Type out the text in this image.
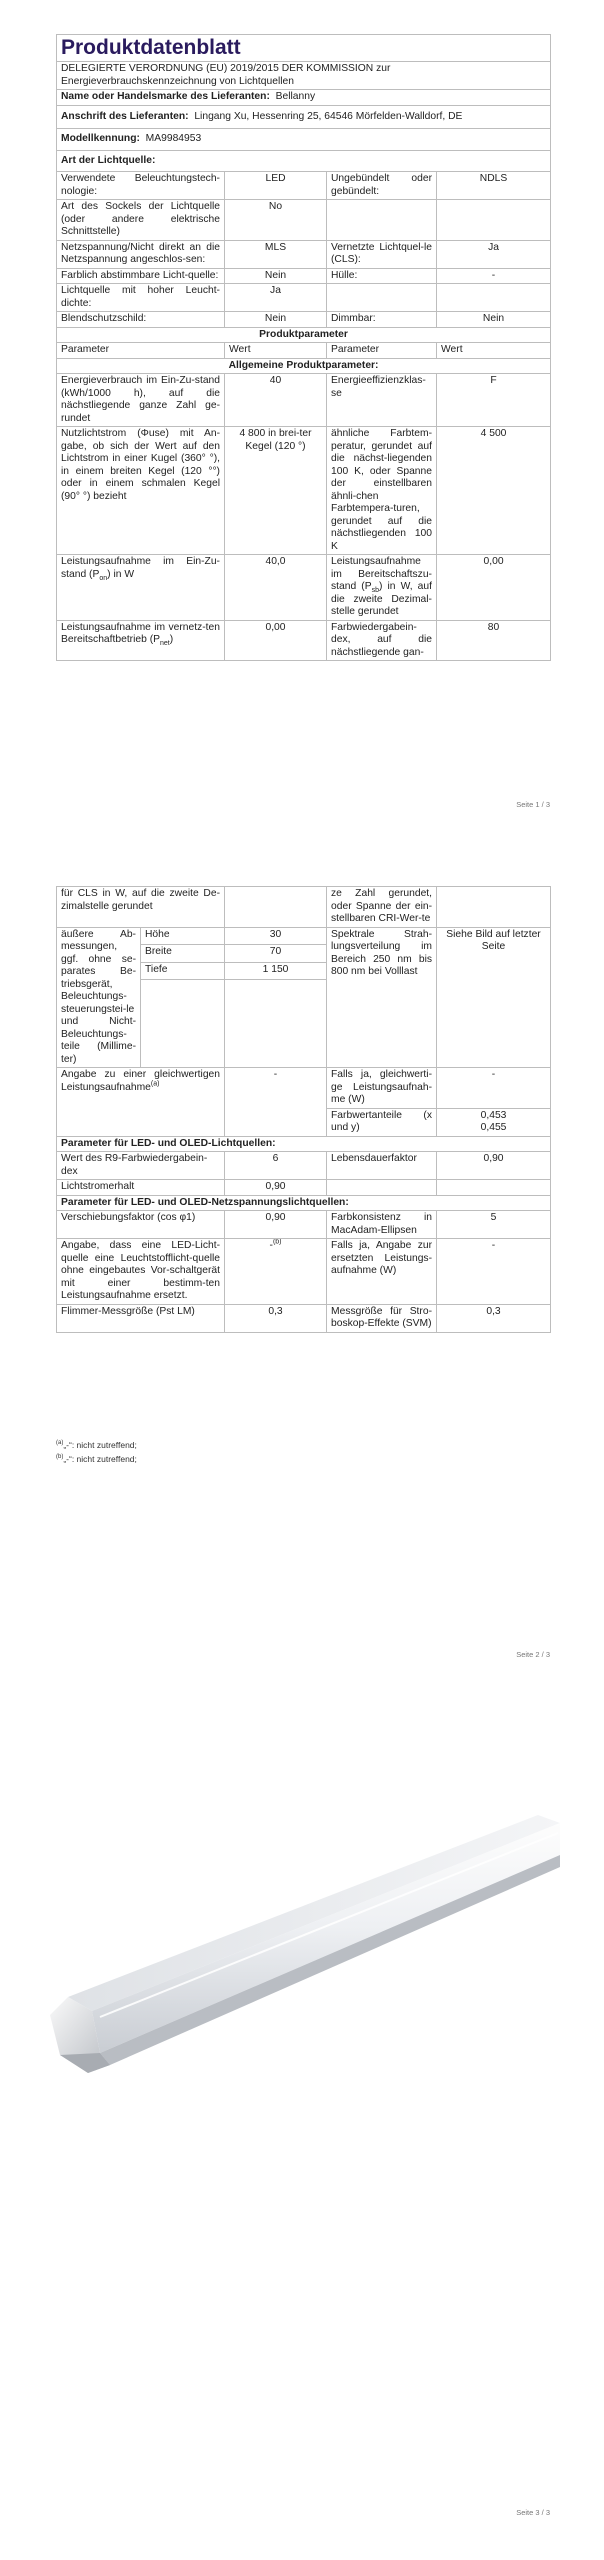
Produktdatenblatt			
DELEGIERTE VERORDNUNG (EU) 2019/2015 DER KOMMISSION zur Energieverbrauchskennzeichnung von Lichtquellen			
Name oder Handelsmarke des Lieferanten: Bellanny			
Anschrift des Lieferanten: Lingang Xu, Hessenring 25, 64546 Mörfelden-Walldorf, DE			
Modellkennung: MA9984953			
Art der Lichtquelle:			
Verwendete Beleuchtungstech-nologie:	LED	Ungebündelt oder gebündelt:	NDLS
Art des Sockels der Lichtquelle (oder andere elektrische Schnittstelle)	No		
Netzspannung/Nicht direkt an die Netzspannung angeschlos-sen:	MLS	Vernetzte Lichtquel-le (CLS):	Ja
Farblich abstimmbare Licht-quelle:	Nein	Hülle:	-
Lichtquelle mit hoher Leucht-dichte:	Ja		
Blendschutzschild:	Nein	Dimmbar:	Nein
Produktparameter			
Parameter	Wert	Parameter	Wert
Allgemeine Produktparameter:			
Energieverbrauch im Ein-Zu-stand (kWh/1000 h), auf die nächstliegende ganze Zahl ge-rundet	40	Energieeffizienzklas-se	F
Nutzlichtstrom (Φuse) mit An-gabe, ob sich der Wert auf den Lichtstrom in einer Kugel (360° °), in einem breiten Kegel (120 °°) oder in einem schmalen Kegel (90° °) bezieht	4 800 in brei-ter Kegel (120 °)	ähnliche Farbtem-peratur, gerundet auf die nächst-liegenden 100 K, oder Spanne der einstellbaren ähnli-chen Farbtempera-turen, gerundet auf die nächstliegenden 100 K	4 500
Leistungsaufnahme im Ein-Zu-stand $(P_{on})$ in W	40,0	Leistungsaufnahme im Bereitschaftszu-stand $(P_{sb})$ in W, auf die zweite Dezimal-stelle gerundet	0,00
Leistungsaufnahme im vernetz-ten Bereitschaftbetrieb $(P_{net})$	0,00	Farbwiedergabein-dex, auf die nächstliegende gan-	80
Seite 1 / 3
für CLS in W, auf die zweite De-zimalstelle gerundet			ze Zahl gerundet, oder Spanne der ein-stellbaren CRI-Wer-te	
äußere Ab-messungen, ggf. ohne se-parates Be-triebsgerät, Beleuchtungs-steuerungstei-le und Nicht-Beleuchtungs-teile (Millime-ter)	Höhe	30	Spektrale Strah-lungsverteilung im Bereich 250 nm bis 800 nm bei Volllast	Siehe Bild auf letzter Seite
	Breite	70		
	Tiefe	1 150		

Angabe zu einer gleichwertigen Leistungsaufnahme$^{(a)}$		-	Falls ja, gleichwerti-ge Leistungsaufnah-me (W)	-
			Farbwertanteile (x und y)	0,453
0,455
Parameter für LED- und OLED-Lichtquellen:				
Wert des R9-Farbwiedergabein-dex		6	Lebensdauerfaktor	0,90
Lichtstromerhalt		0,90		
Parameter für LED- und OLED-Netzspannungslichtquellen:				
Verschiebungsfaktor (cos φ1)		0,90	Farbkonsistenz in MacAdam-Ellipsen	5
Angabe, dass eine LED-Licht-quelle eine Leuchtstofflicht-quelle ohne eingebautes Vor-schaltgerät mit einer bestimm-ten Leistungsaufnahme ersetzt.		-$^{(b)}$	Falls ja, Angabe zur ersetzten Leistungs-aufnahme (W)	-
Flimmer-Messgröße (Pst LM)		0,3	Messgröße für Stro-boskop-Effekte (SVM)	0,3
$^{(a)}$„-“: nicht zutreffend;
$^{(b)}$„-“: nicht zutreffend;
Seite 2 / 3
Seite 3 / 3
